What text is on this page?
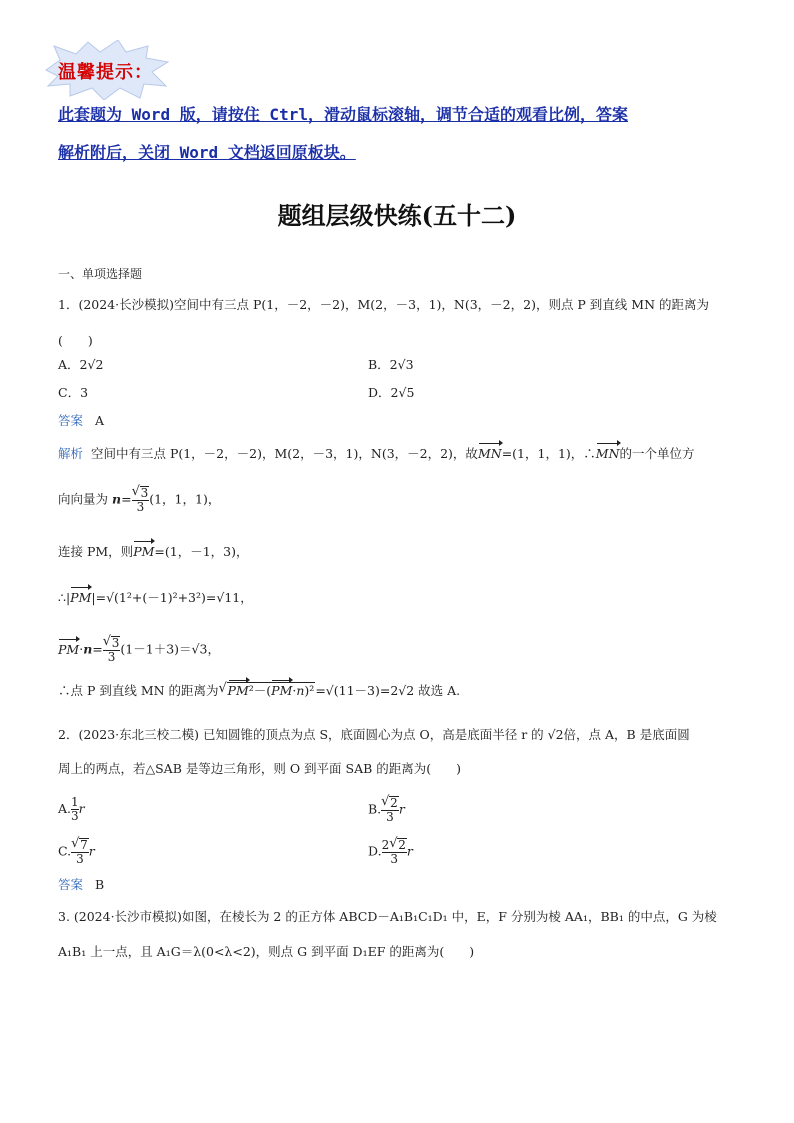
温馨提示：
此套题为 Word 版，请按住 Ctrl，滑动鼠标滚轴，调节合适的观看比例，答案
解析附后，关闭 Word 文档返回原板块。
题组层级快练(五十二)
一、单项选择题
1．(2024·长沙模拟)空间中有三点 P(1，－2，－2)，M(2，－3，1)，N(3，－2，2)，则点 P 到直线 MN 的距离为
(　　)
A．2√2	B．2√3
C．3	D．2√5
答案 A
解析 空间中有三点 P(1，－2，－2)，M(2，－3，1)，N(3，－2，2)，故MN=(1，1，1)，∴MN的一个单位方
向向量为 $n= \frac{√ 3}{3} (1$，1，1)，
连接 PM，则PM=(1，－1，3)，
∴|PM|=√(1²+(－1)²+3²)=√11，
$PM\cdot n= \frac{√ 3}{3} (1-1+3)=√3$，
∴点 P 到直线 MN 的距离为 √ PM²－(PM·n)²=√(11－3)=2√2 故选 A.
2．(2023·东北三校二模) 已知圆锥的顶点为点 S，底面圆心为点 O，高是底面半径 r 的 √2倍，点 A，B 是底面圆
周上的两点，若△SAB 是等边三角形，则 O 到平面 SAB 的距离为(　　)
A. $\frac{1}{3}$ r	B. $\frac{√ 2}{3}$ r
C. $\frac{√ 7}{3}$ r	D. $\frac{2 √ 2}{3}$ r
答案 B
3. (2024·长沙市模拟)如图，在棱长为 2 的正方体 ABCD－A₁B₁C₁D₁ 中，E，F 分别为棱 AA₁，BB₁ 的中点，G 为棱
A₁B₁ 上一点，且 A₁G＝λ(0<λ<2)，则点 G 到平面 D₁EF 的距离为(　　)
